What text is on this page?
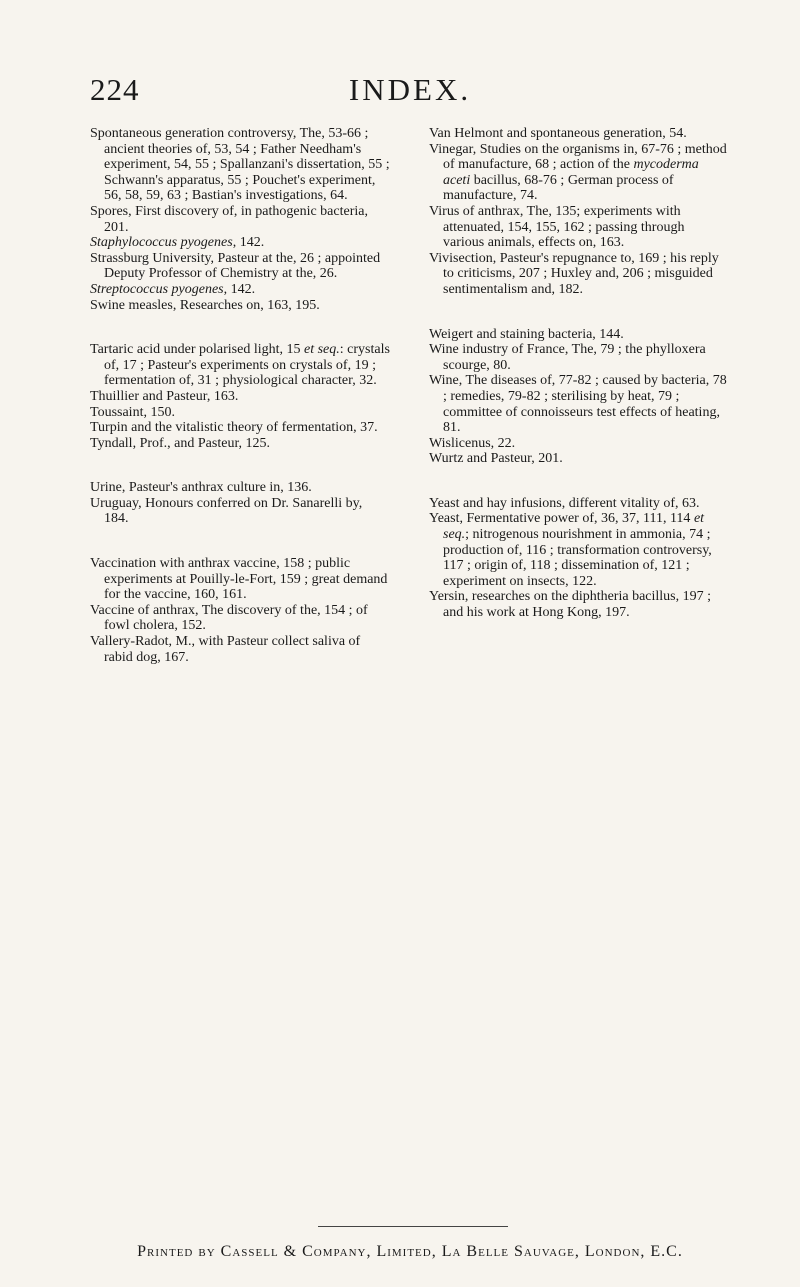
224	INDEX.

Spontaneous generation controversy, The, 53-66 ; ancient theories of, 53, 54 ; Father Needham's experiment, 54, 55 ; Spallanzani's dissertation, 55 ; Schwann's apparatus, 55 ; Pouchet's experiment, 56, 58, 59, 63 ; Bastian's investigations, 64.

Spores, First discovery of, in pathogenic bacteria, 201.

Staphylococcus pyogenes, 142.

Strassburg University, Pasteur at the, 26 ; appointed Deputy Professor of Chemistry at the, 26.

Streptococcus pyogenes, 142.

Swine measles, Researches on, 163, 195.

Tartaric acid under polarised light, 15 et seq.: crystals of, 17 ; Pasteur's experiments on crystals of, 19 ; fermentation of, 31 ; physiological character, 32.

Thuillier and Pasteur, 163.

Toussaint, 150.

Turpin and the vitalistic theory of fermentation, 37.

Tyndall, Prof., and Pasteur, 125.

Urine, Pasteur's anthrax culture in, 136.

Uruguay, Honours conferred on Dr. Sanarelli by, 184.

Vaccination with anthrax vaccine, 158 ; public experiments at Pouilly-le-Fort, 159 ; great demand for the vaccine, 160, 161.

Vaccine of anthrax, The discovery of the, 154 ; of fowl cholera, 152.

Vallery-Radot, M., with Pasteur collect saliva of rabid dog, 167.

Van Helmont and spontaneous generation, 54.

Vinegar, Studies on the organisms in, 67-76 ; method of manufacture, 68 ; action of the mycoderma aceti bacillus, 68-76 ; German process of manufacture, 74.

Virus of anthrax, The, 135; experiments with attenuated, 154, 155, 162 ; passing through various animals, effects on, 163.

Vivisection, Pasteur's repugnance to, 169 ; his reply to criticisms, 207 ; Huxley and, 206 ; misguided sentimentalism and, 182.

Weigert and staining bacteria, 144.

Wine industry of France, The, 79 ; the phylloxera scourge, 80.

Wine, The diseases of, 77-82 ; caused by bacteria, 78 ; remedies, 79-82 ; sterilising by heat, 79 ; committee of connoisseurs test effects of heating, 81.

Wislicenus, 22.

Wurtz and Pasteur, 201.

Yeast and hay infusions, different vitality of, 63.

Yeast, Fermentative power of, 36, 37, 111, 114 et seq.; nitrogenous nourishment in ammonia, 74 ; production of, 116 ; transformation controversy, 117 ; origin of, 118 ; dissemination of, 121 ; experiment on insects, 122.

Yersin, researches on the diphtheria bacillus, 197 ; and his work at Hong Kong, 197.

Printed by Cassell & Company, Limited, La Belle Sauvage, London, E.C.
